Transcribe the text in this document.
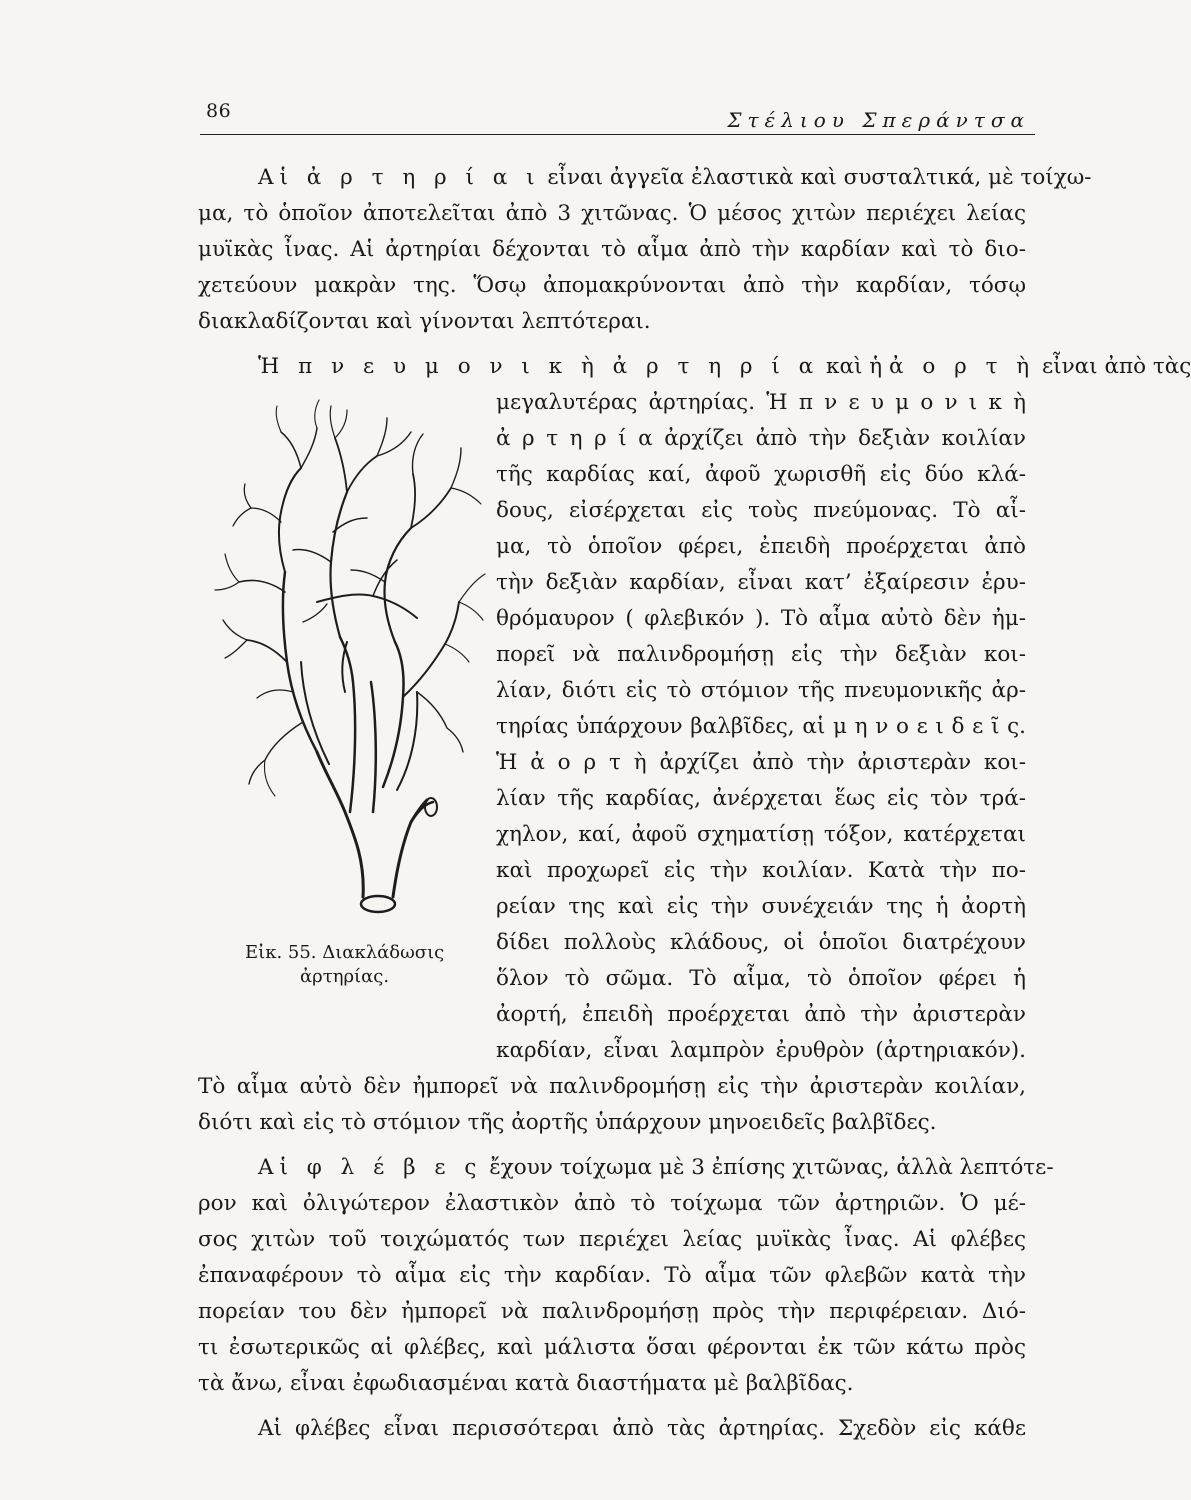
86	Στέλιου Σπεράντσα
Αἱ ἀ ρ τ η ρ ί α ι εἶναι ἀγγεῖα ἐλαστικὰ καὶ συσταλτικά, μὲ τοίχω-
μα, τὸ ὁποῖον ἀποτελεῖται ἀπὸ 3 χιτῶνας. Ὁ μέσος χιτὼν περιέχει λείας
μυϊκὰς ἶνας. Αἱ ἀρτηρίαι δέχονται τὸ αἷμα ἀπὸ τὴν καρδίαν καὶ τὸ διο-
χετεύουν μακρὰν της. Ὅσῳ ἀπομακρύνονται ἀπὸ τὴν καρδίαν, τόσῳ
διακλαδίζονται καὶ γίνονται λεπτότεραι.
Ἡ π ν ε υ μ ο ν ι κ ὴ ἀ ρ τ η ρ ί α καὶ ἡ ἀ ο ρ τ ὴ εἶναι ἀπὸ τὰς
μεγαλυτέρας ἀρτηρίας. Ἡ π ν ε υ μ ο ν ι κ ὴ
ἀ ρ τ η ρ ί α ἀρχίζει ἀπὸ τὴν δεξιὰν κοιλίαν
τῆς καρδίας καί, ἀφοῦ χωρισθῆ εἰς δύο κλά-
δους, εἰσέρχεται εἰς τοὺς πνεύμονας. Τὸ αἷ-
μα, τὸ ὁποῖον φέρει, ἐπειδὴ προέρχεται ἀπὸ
τὴν δεξιὰν καρδίαν, εἶναι κατ’ ἐξαίρεσιν ἐρυ-
θρόμαυρον ( φλεβικόν ). Τὸ αἷμα αὐτὸ δὲν ἠμ-
πορεῖ νὰ παλινδρομήσῃ εἰς τὴν δεξιὰν κοι-
λίαν, διότι εἰς τὸ στόμιον τῆς πνευμονικῆς ἀρ-
τηρίας ὑπάρχουν βαλβῖδες, αἱ μ η ν ο ε ι δ ε ῖ ς.
Ἡ ἀ ο ρ τ ὴ ἀρχίζει ἀπὸ τὴν ἀριστερὰν κοι-
λίαν τῆς καρδίας, ἀνέρχεται ἕως εἰς τὸν τρά-
χηλον, καί, ἀφοῦ σχηματίσῃ τόξον, κατέρχεται
καὶ προχωρεῖ εἰς τὴν κοιλίαν. Κατὰ τὴν πο-
ρείαν της καὶ εἰς τὴν συνέχειάν της ἡ ἀορτὴ
δίδει πολλοὺς κλάδους, οἱ ὁποῖοι διατρέχουν
ὅλον τὸ σῶμα. Τὸ αἷμα, τὸ ὁποῖον φέρει ἡ
ἀορτή, ἐπειδὴ προέρχεται ἀπὸ τὴν ἀριστερὰν
καρδίαν, εἶναι λαμπρὸν ἐρυθρὸν (ἀρτηριακόν).
Τὸ αἷμα αὐτὸ δὲν ἠμπορεῖ νὰ παλινδρομήσῃ εἰς τὴν ἀριστερὰν κοιλίαν,
διότι καὶ εἰς τὸ στόμιον τῆς ἀορτῆς ὑπάρχουν μηνοειδεῖς βαλβῖδες.
Εἰκ. 55. Διακλάδωσις
ἀρτηρίας.
Αἱ φ λ έ β ε ς ἔχουν τοίχωμα μὲ 3 ἐπίσης χιτῶνας, ἀλλὰ λεπτότε-
ρον καὶ ὀλιγώτερον ἐλαστικὸν ἀπὸ τὸ τοίχωμα τῶν ἀρτηριῶν. Ὁ μέ-
σος χιτὼν τοῦ τοιχώματός των περιέχει λείας μυϊκὰς ἶνας. Αἱ φλέβες
ἐπαναφέρουν τὸ αἷμα εἰς τὴν καρδίαν. Τὸ αἷμα τῶν φλεβῶν κατὰ τὴν
πορείαν του δὲν ἠμπορεῖ νὰ παλινδρομήσῃ πρὸς τὴν περιφέρειαν. Διό-
τι ἐσωτερικῶς αἱ φλέβες, καὶ μάλιστα ὅσαι φέρονται ἐκ τῶν κάτω πρὸς
τὰ ἄνω, εἶναι ἐφωδιασμέναι κατὰ διαστήματα μὲ βαλβῖδας.
Αἱ φλέβες εἶναι περισσότεραι ἀπὸ τὰς ἀρτηρίας. Σχεδὸν εἰς κάθε
